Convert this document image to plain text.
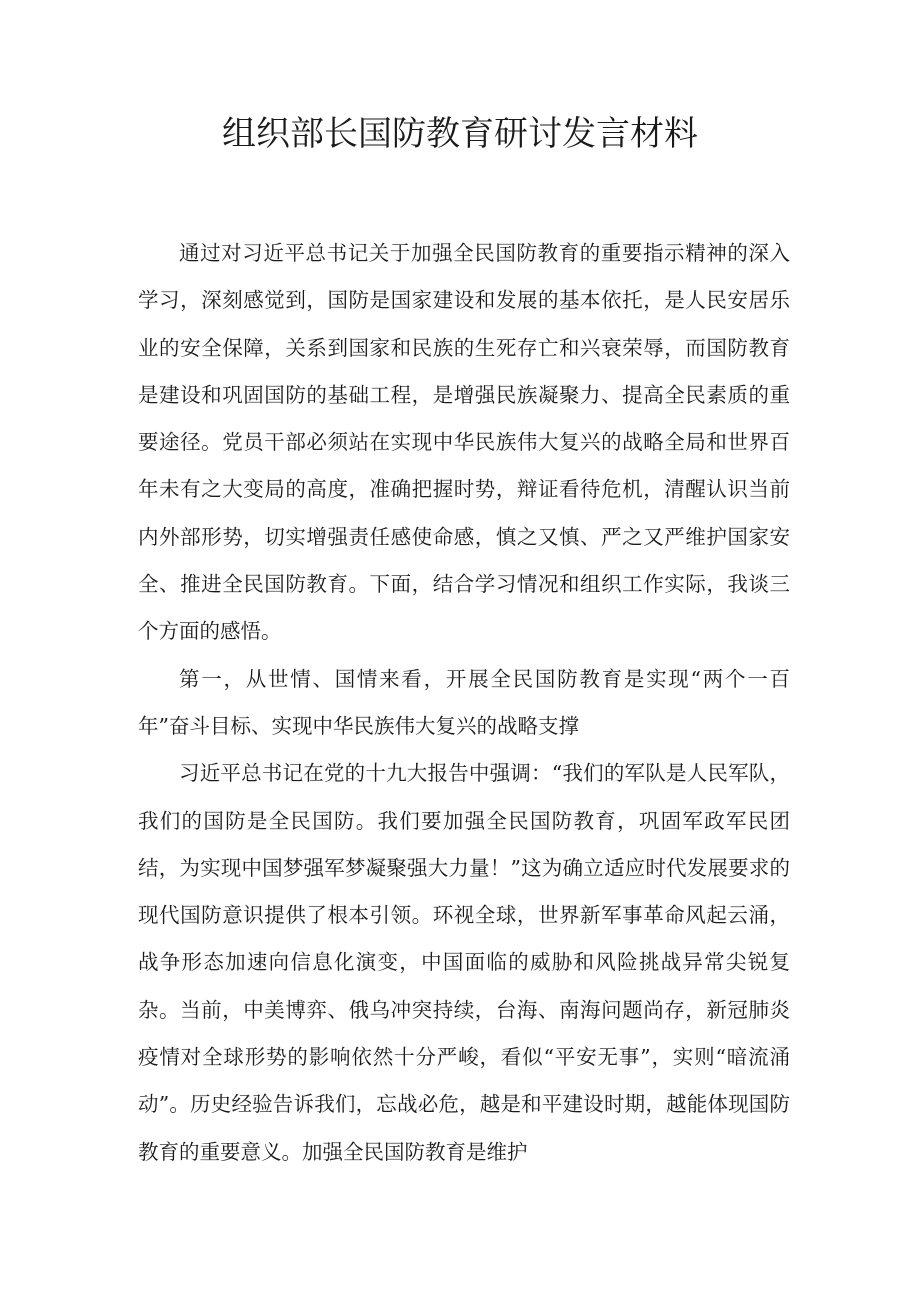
组织部长国防教育研讨发言材料

通过对习近平总书记关于加强全民国防教育的重要指示精神的深入学习，深刻感觉到，国防是国家建设和发展的基本依托，是人民安居乐业的安全保障，关系到国家和民族的生死存亡和兴衰荣辱，而国防教育是建设和巩固国防的基础工程，是增强民族凝聚力、提高全民素质的重要途径。党员干部必须站在实现中华民族伟大复兴的战略全局和世界百年未有之大变局的高度，准确把握时势，辩证看待危机，清醒认识当前内外部形势，切实增强责任感使命感，慎之又慎、严之又严维护国家安全、推进全民国防教育。下面，结合学习情况和组织工作实际，我谈三个方面的感悟。

第一，从世情、国情来看，开展全民国防教育是实现“两个一百年”奋斗目标、实现中华民族伟大复兴的战略支撑

习近平总书记在党的十九大报告中强调：“我们的军队是人民军队，我们的国防是全民国防。我们要加强全民国防教育，巩固军政军民团结，为实现中国梦强军梦凝聚强大力量！”这为确立适应时代发展要求的现代国防意识提供了根本引领。环视全球，世界新军事革命风起云涌，战争形态加速向信息化演变，中国面临的威胁和风险挑战异常尖锐复杂。当前，中美博弈、俄乌冲突持续，台海、南海问题尚存，新冠肺炎疫情对全球形势的影响依然十分严峻，看似“平安无事”，实则“暗流涌动”。历史经验告诉我们，忘战必危，越是和平建设时期，越能体现国防教育的重要意义。加强全民国防教育是维护
